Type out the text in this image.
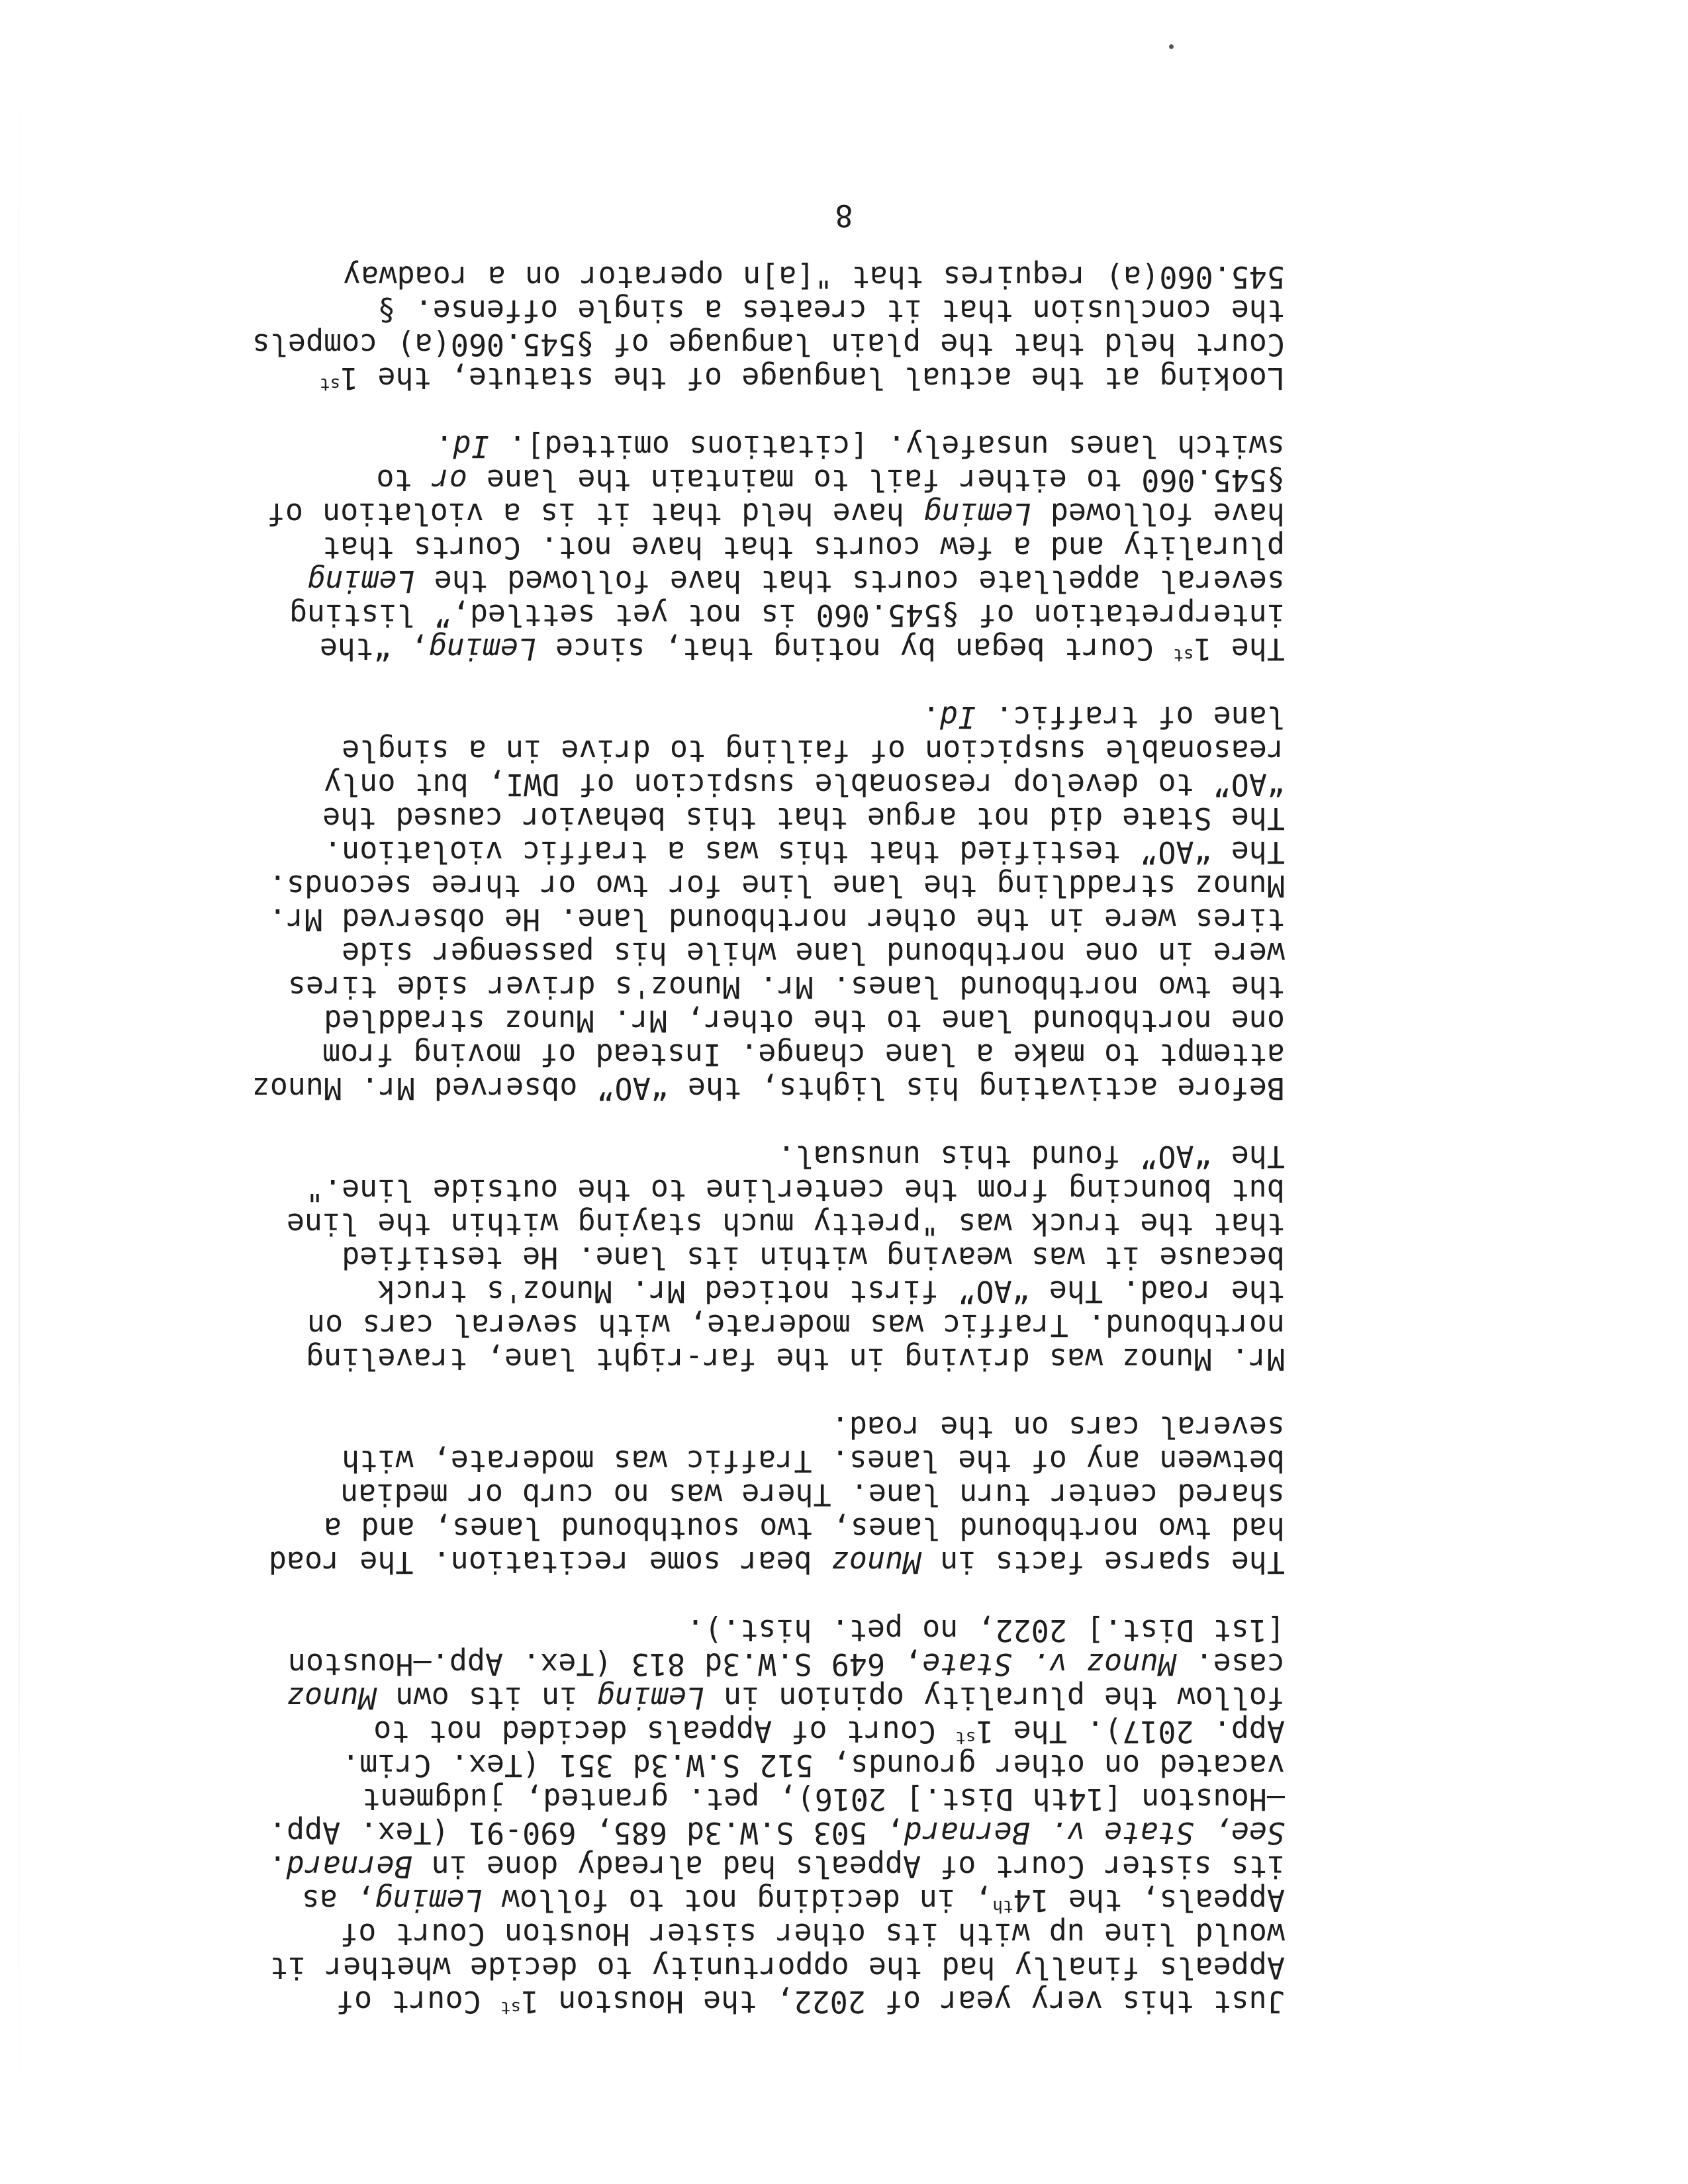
Just this very year of 2022, the Houston 1st Court of Appeals finally had the opportunity to decide whether it would line up with its other sister Houston Court of Appeals, the 14th, in deciding not to follow Leming, as its sister Court of Appeals had already done in Bernard. See, State v. Bernard, 503 S.W.3d 685, 690-91 (Tex. App.—Houston [14th Dist.] 2016), pet. granted, judgment vacated on other grounds, 512 S.W.3d 351 (Tex. Crim. App. 2017). The 1st Court of Appeals decided not to follow the plurality opinion in Leming in its own Munoz case. Munoz v. State, 649 S.W.3d 813 (Tex. App.—Houston [1st Dist.] 2022, no pet. hist.).

The sparse facts in Munoz bear some recitation. The road had two northbound lanes, two southbound lanes, and a shared center turn lane. There was no curb or median between any of the lanes. Traffic was moderate, with several cars on the road.

Mr. Munoz was driving in the far-right lane, traveling northbound. Traffic was moderate, with several cars on the road. The “AO” first noticed Mr. Munoz's truck because it was weaving within its lane. He testified that the truck was "pretty much staying within the line but bouncing from the centerline to the outside line." The “AO” found this unusual.

Before activating his lights, the “AO” observed Mr. Munoz attempt to make a lane change. Instead of moving from one northbound lane to the other, Mr. Munoz straddled the two northbound lanes. Mr. Munoz's driver side tires were in one northbound lane while his passenger side tires were in the other northbound lane. He observed Mr. Munoz straddling the lane line for two or three seconds. The “AO” testified that this was a traffic violation. The State did not argue that this behavior caused the “AO” to develop reasonable suspicion of DWI, but only reasonable suspicion of failing to drive in a single lane of traffic. Id.

The 1st Court began by noting that, since Leming, “the interpretation of §545.060 is not yet settled,” listing several appellate courts that have followed the Leming plurality and a few courts that have not. Courts that have followed Leming have held that it is a violation of §545.060 to either fail to maintain the lane or to switch lanes unsafely. [citations omitted]. Id.

Looking at the actual language of the statute, the 1st Court held that the plain language of §545.060(a) compels the conclusion that it creates a single offense. § 545.060(a) requires that "[a]n operator on a roadway

8
